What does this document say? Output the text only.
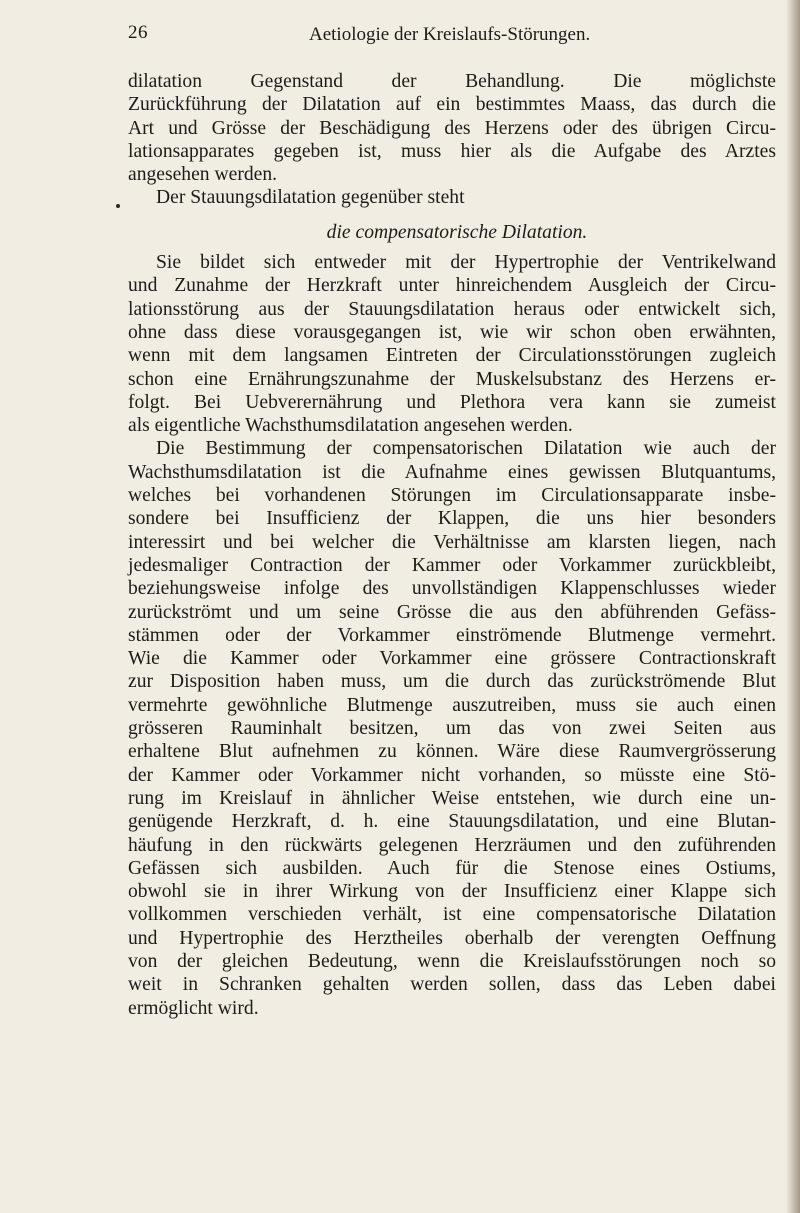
26	Aetiologie der Kreislaufs-Störungen.
dilatation Gegenstand der Behandlung. Die möglichste
Zurückführung der Dilatation auf ein bestimmtes Maass, das durch die
Art und Grösse der Beschädigung des Herzens oder des übrigen Circu-
lationsapparates gegeben ist, muss hier als die Aufgabe des Arztes
angesehen werden.
Der Stauungsdilatation gegenüber steht
die compensatorische Dilatation.
Sie bildet sich entweder mit der Hypertrophie der Ventrikelwand
und Zunahme der Herzkraft unter hinreichendem Ausgleich der Circu-
lationsstörung aus der Stauungsdilatation heraus oder entwickelt sich,
ohne dass diese vorausgegangen ist, wie wir schon oben erwähnten,
wenn mit dem langsamen Eintreten der Circulationsstörungen zugleich
schon eine Ernährungszunahme der Muskelsubstanz des Herzens er-
folgt. Bei Uebverernährung und Plethora vera kann sie zumeist
als eigentliche Wachsthumsdilatation angesehen werden.
Die Bestimmung der compensatorischen Dilatation wie auch der
Wachsthumsdilatation ist die Aufnahme eines gewissen Blutquantums,
welches bei vorhandenen Störungen im Circulationsapparate insbe-
sondere bei Insufficienz der Klappen, die uns hier besonders
interessirt und bei welcher die Verhältnisse am klarsten liegen, nach
jedesmaliger Contraction der Kammer oder Vorkammer zurückbleibt,
beziehungsweise infolge des unvollständigen Klappenschlusses wieder
zurückströmt und um seine Grösse die aus den abführenden Gefäss-
stämmen oder der Vorkammer einströmende Blutmenge vermehrt.
Wie die Kammer oder Vorkammer eine grössere Contractionskraft
zur Disposition haben muss, um die durch das zurückströmende Blut
vermehrte gewöhnliche Blutmenge auszutreiben, muss sie auch einen
grösseren Rauminhalt besitzen, um das von zwei Seiten aus
erhaltene Blut aufnehmen zu können. Wäre diese Raumvergrösserung
der Kammer oder Vorkammer nicht vorhanden, so müsste eine Stö-
rung im Kreislauf in ähnlicher Weise entstehen, wie durch eine un-
genügende Herzkraft, d. h. eine Stauungsdilatation, und eine Blutan-
häufung in den rückwärts gelegenen Herzräumen und den zuführenden
Gefässen sich ausbilden. Auch für die Stenose eines Ostiums,
obwohl sie in ihrer Wirkung von der Insufficienz einer Klappe sich
vollkommen verschieden verhält, ist eine compensatorische Dilatation
und Hypertrophie des Herztheiles oberhalb der verengten Oeffnung
von der gleichen Bedeutung, wenn die Kreislaufsstörungen noch so
weit in Schranken gehalten werden sollen, dass das Leben dabei
ermöglicht wird.
